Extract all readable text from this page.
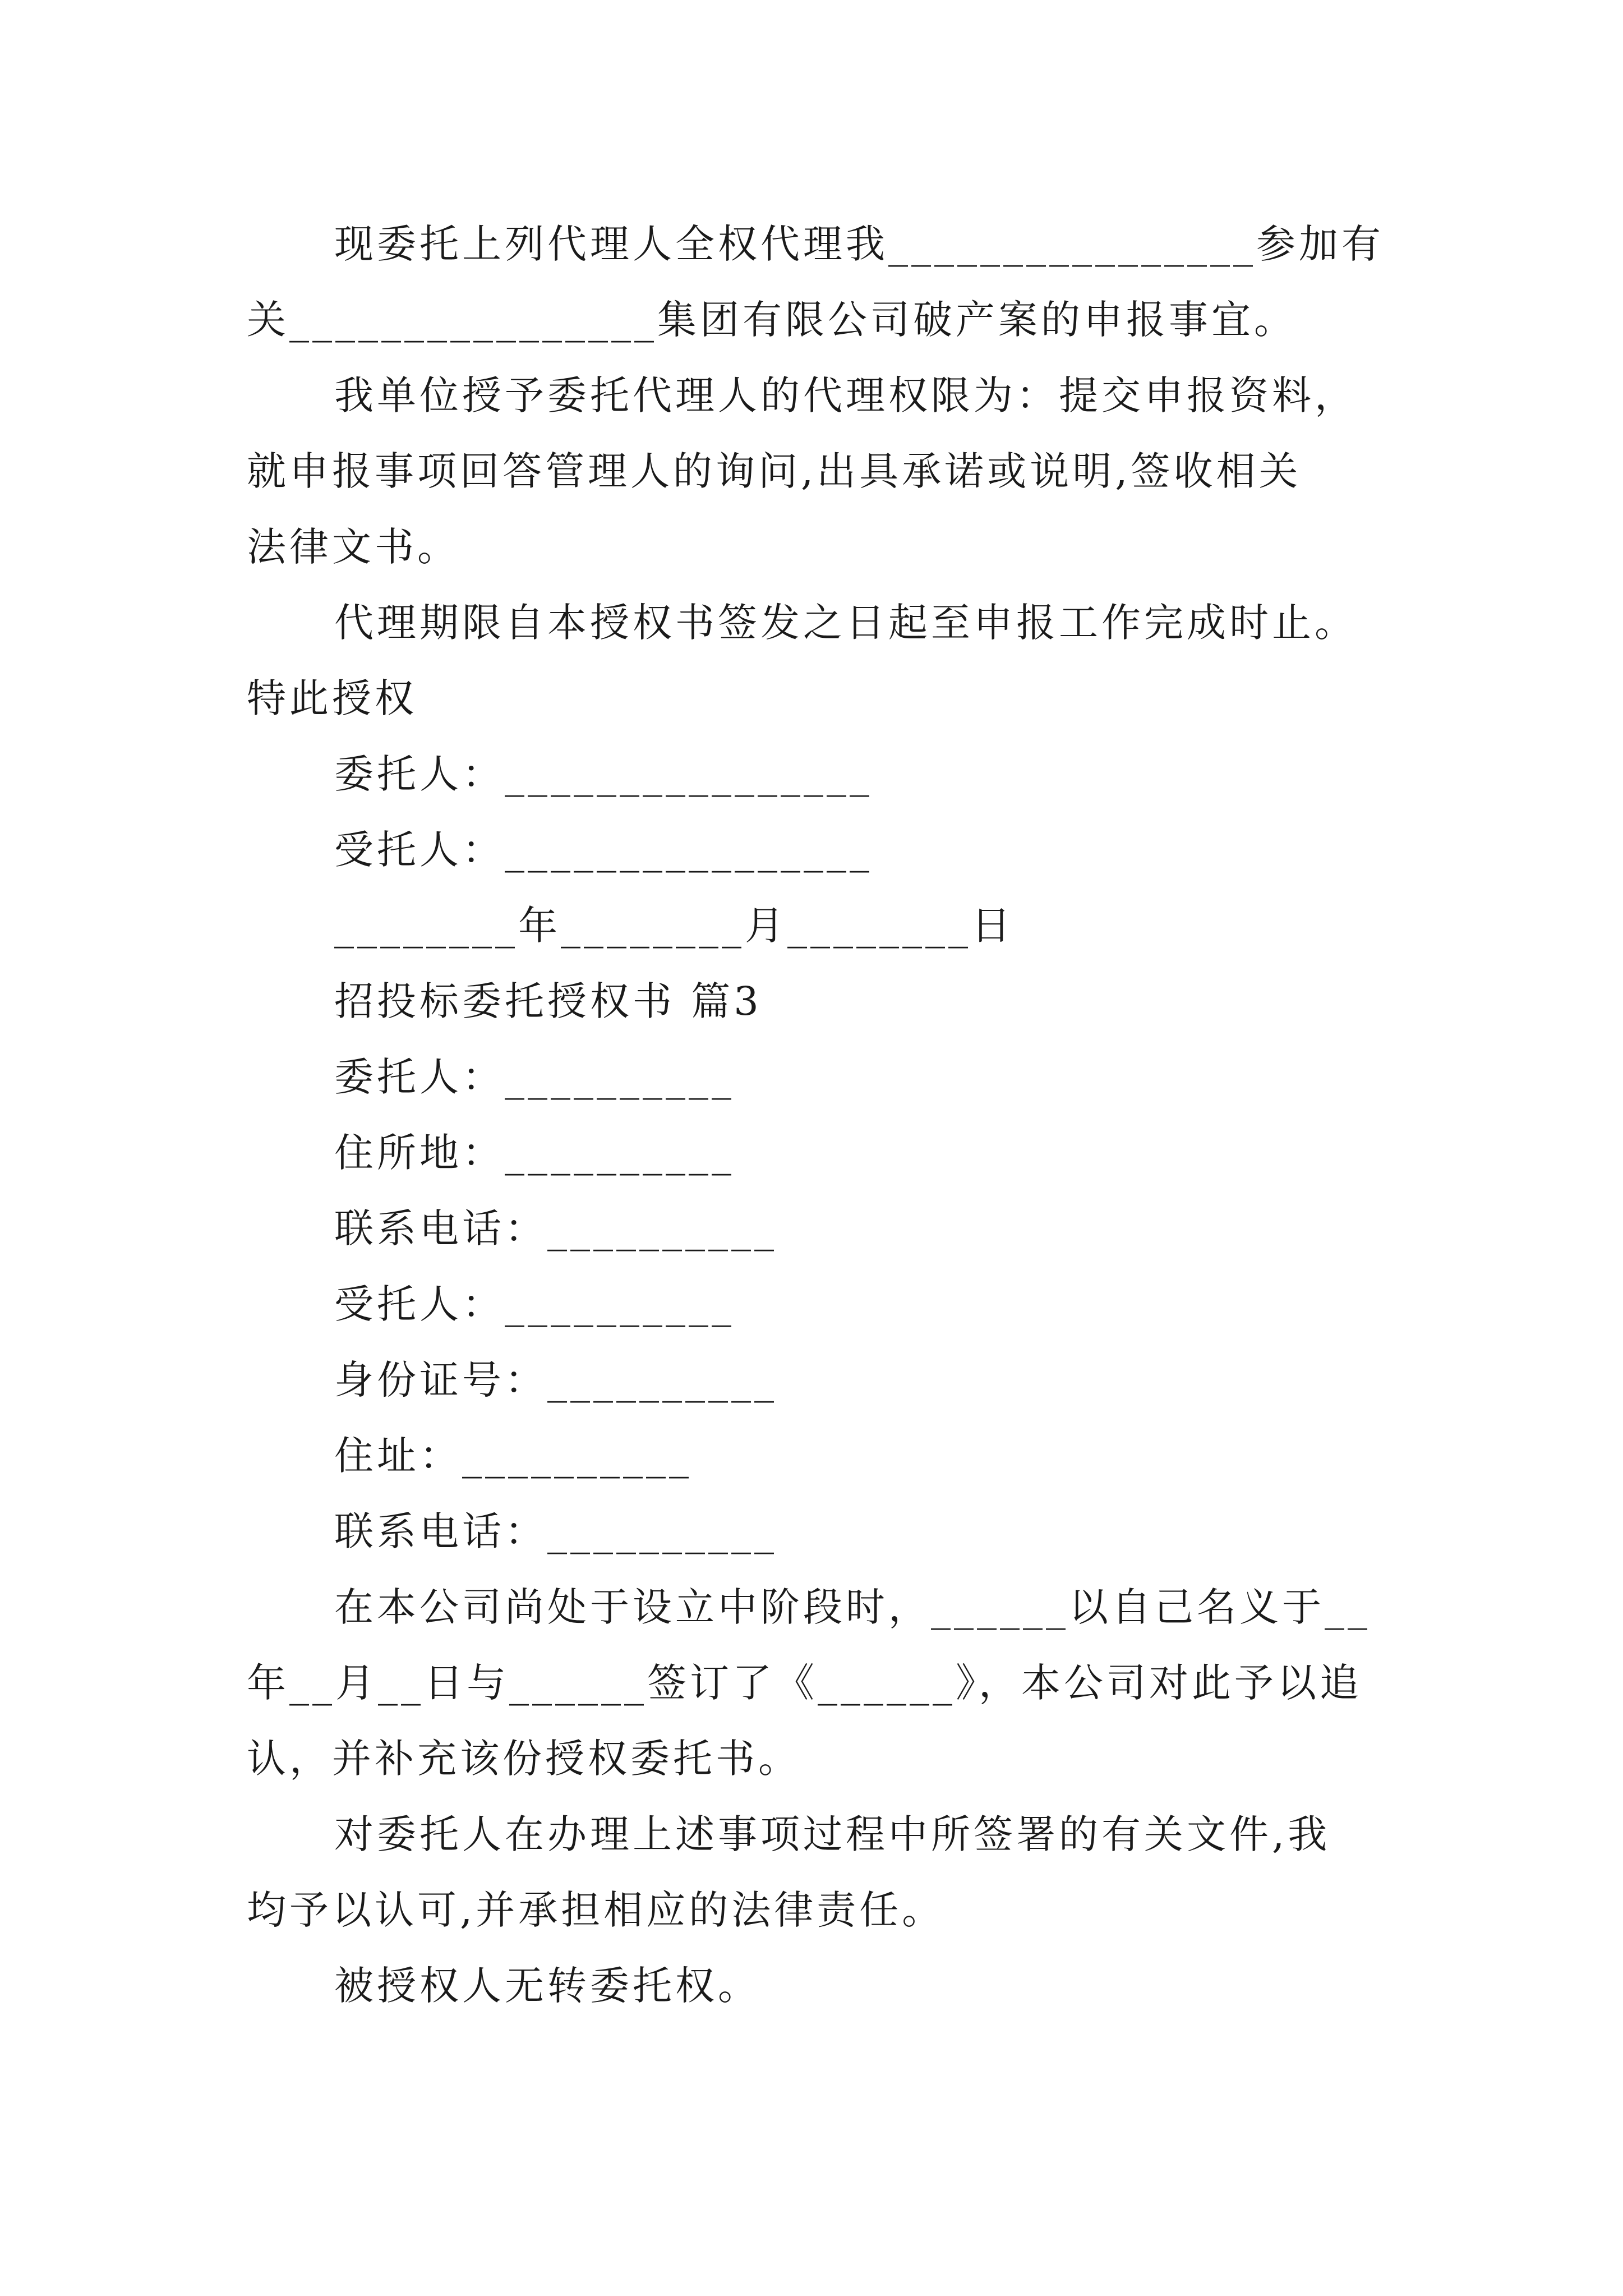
现委托上列代理人全权代理我________________参加有
关________________集团有限公司破产案的申报事宜。
我单位授予委托代理人的代理权限为：提交申报资料，
就申报事项回答管理人的询问,出具承诺或说明,签收相关
法律文书。
代理期限自本授权书签发之日起至申报工作完成时止。
特此授权
委托人：________________
受托人：________________
________年________月________日
招投标委托授权书 篇3
委托人：__________
住所地：__________
联系电话：__________
受托人：__________
身份证号：__________
住址：__________
联系电话：__________
在本公司尚处于设立中阶段时，______以自己名义于__
年__月__日与______签订了《______》，本公司对此予以追
认，并补充该份授权委托书。
对委托人在办理上述事项过程中所签署的有关文件,我
均予以认可,并承担相应的法律责任。
被授权人无转委托权。
